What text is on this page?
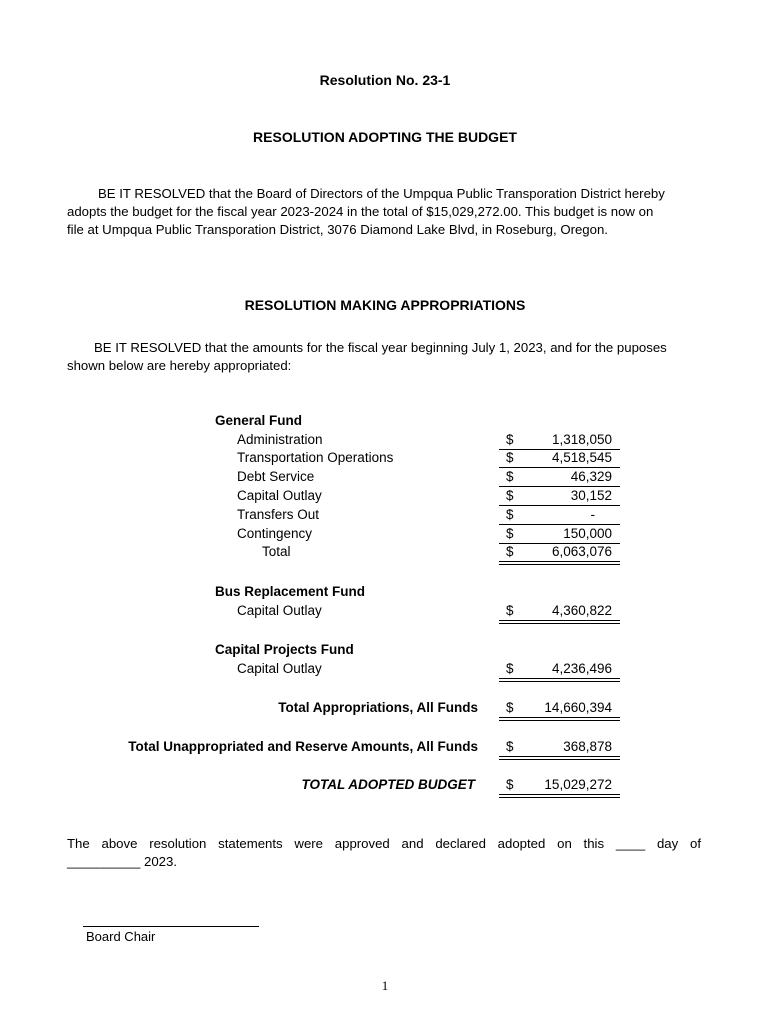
Resolution No. 23-1
RESOLUTION ADOPTING THE BUDGET
BE IT RESOLVED that the Board of Directors of the Umpqua Public Transporation District hereby
adopts the budget for the fiscal year 2023-2024 in the total of $15,029,272.00. This budget is now on
file at Umpqua Public Transporation District, 3076 Diamond Lake Blvd, in Roseburg, Oregon.
RESOLUTION MAKING APPROPRIATIONS
BE IT RESOLVED that the amounts for the fiscal year beginning July 1, 2023, and for the puposes
shown below are hereby appropriated:
General Fund
Administration	$	1,318,050
Transportation Operations	$	4,518,545
Debt Service	$	46,329
Capital Outlay	$	30,152
Transfers Out	$	-
Contingency	$	150,000
Total	$	6,063,076
Bus Replacement Fund
Capital Outlay	$	4,360,822
Capital Projects Fund
Capital Outlay	$	4,236,496
Total Appropriations, All Funds $ 14,660,394
Total Unappropriated and Reserve Amounts, All Funds $	368,878
TOTAL ADOPTED BUDGET $ 15,029,272
The above resolution statements were approved and declared adopted on this ____ day of
__________ 2023.
Board Chair
1
